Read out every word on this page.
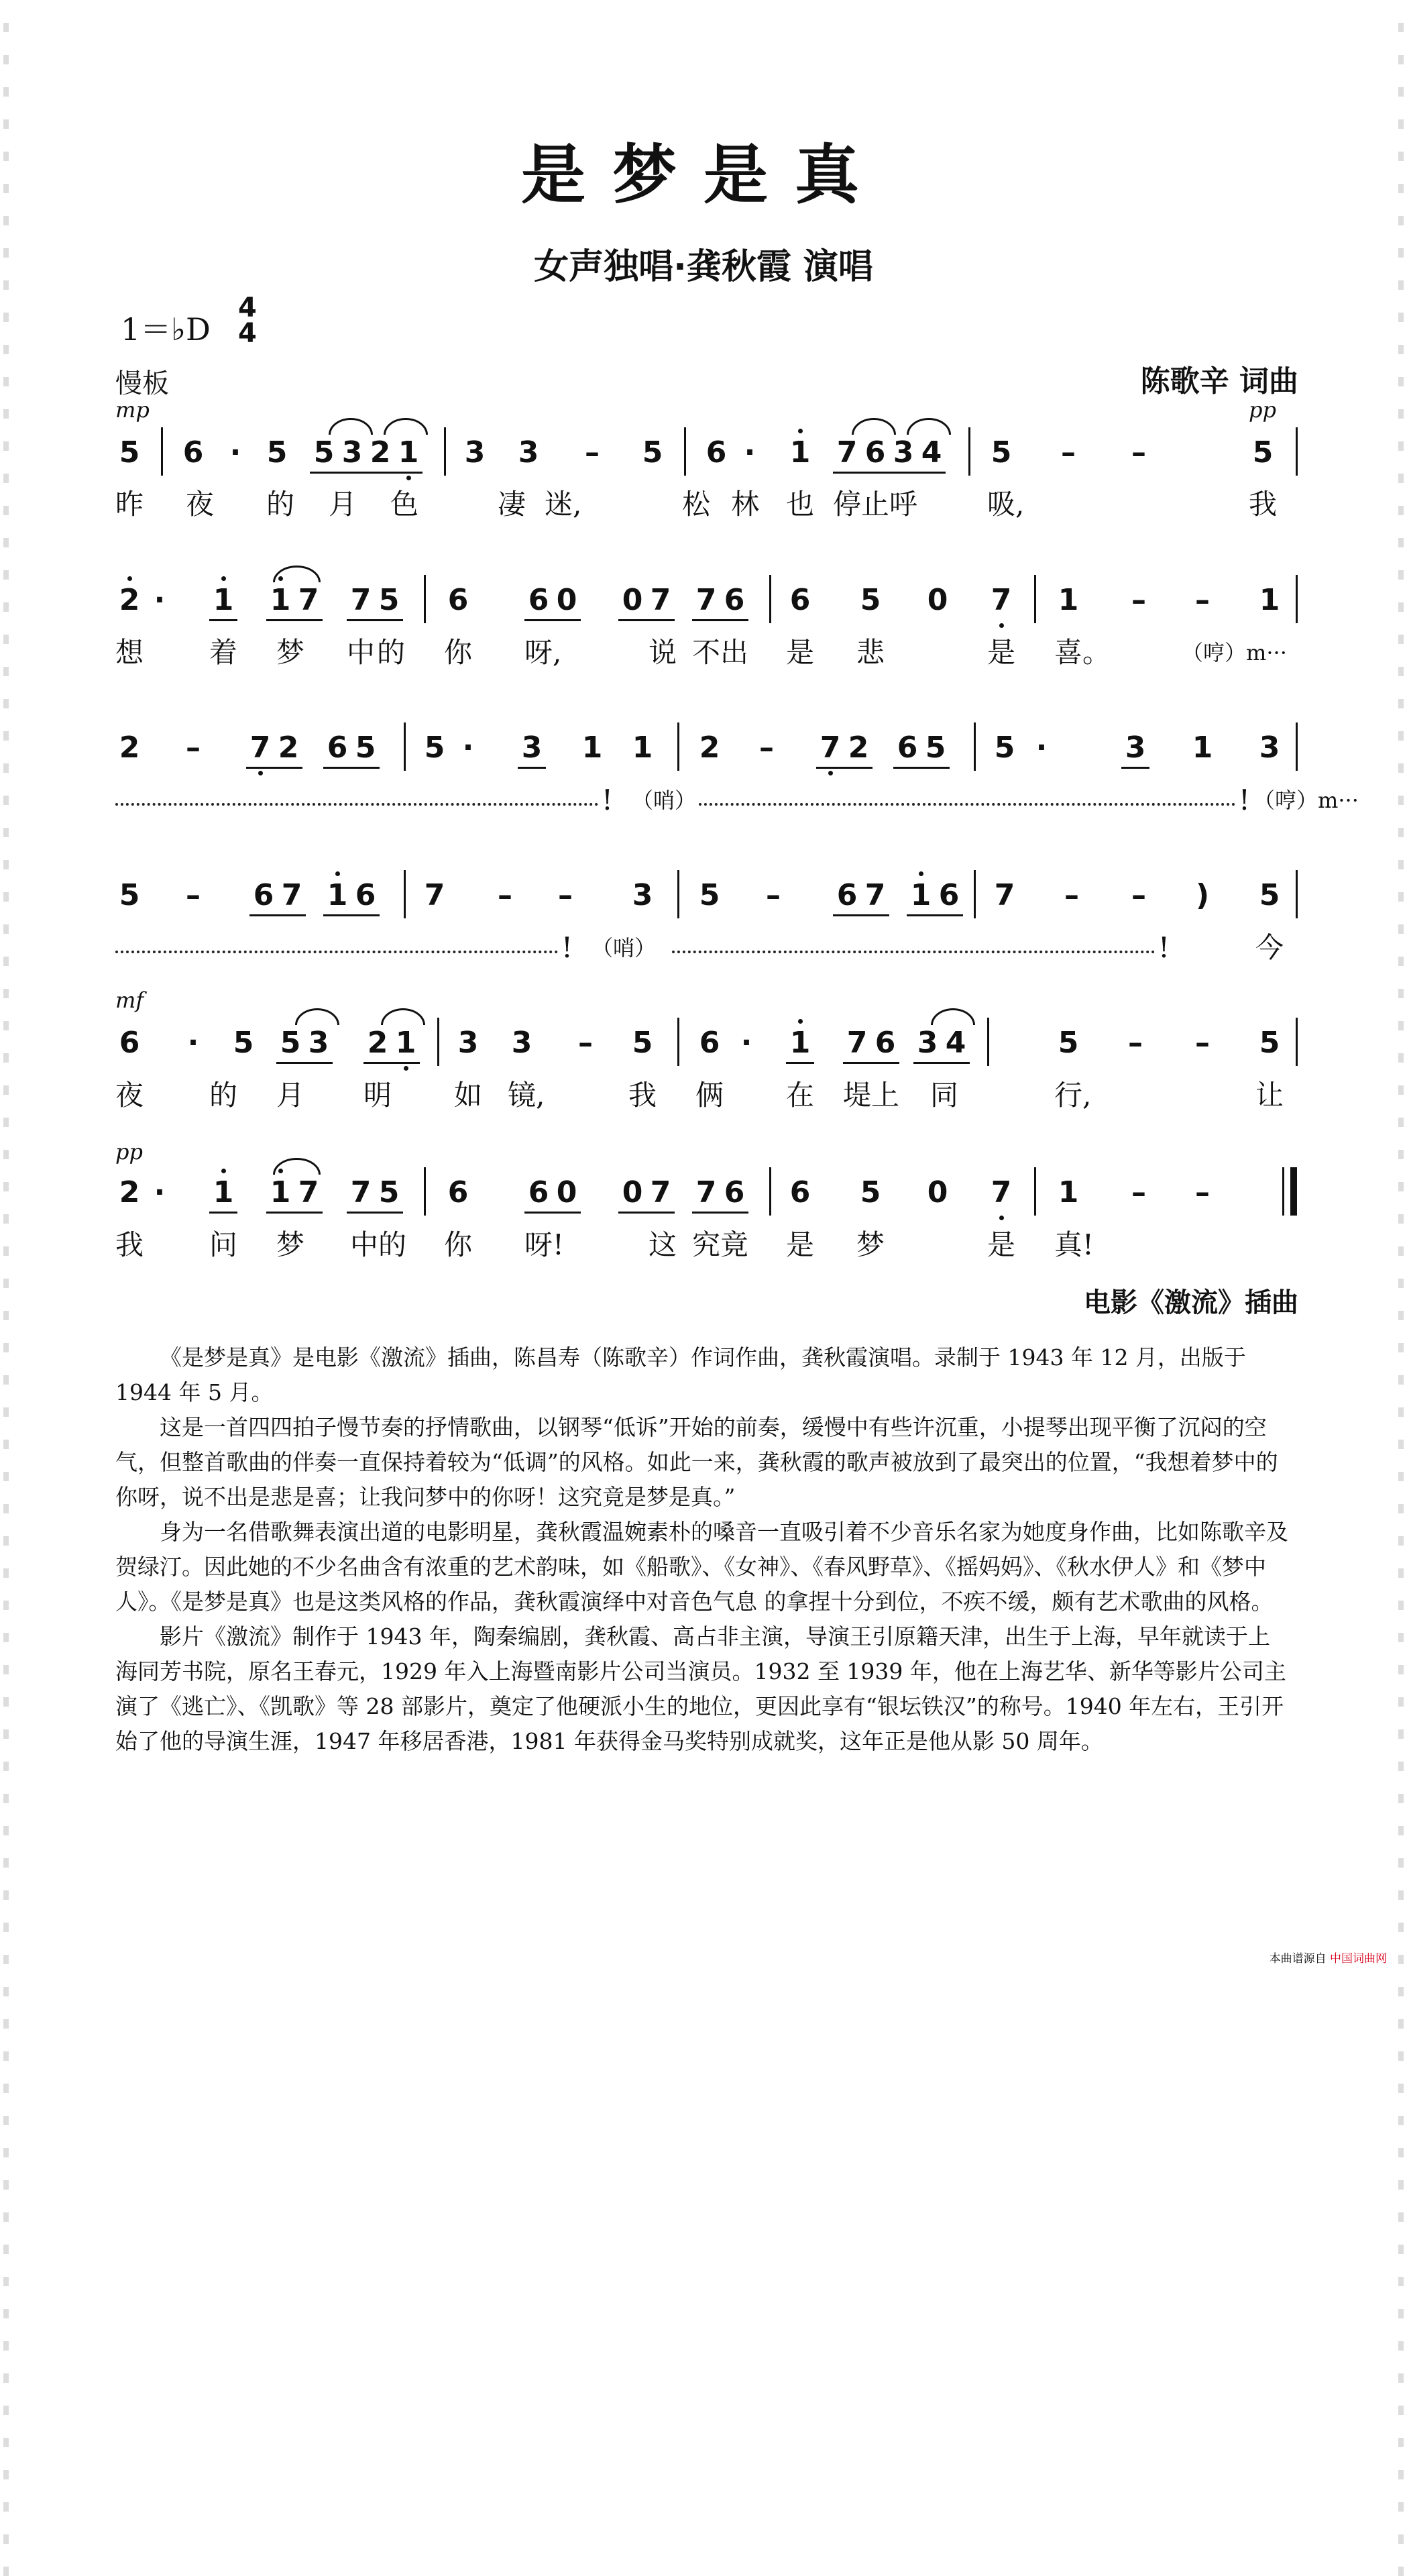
是梦是真
女声独唱·龚秋霞 演唱
1＝♭D
4
4
慢板	陈歌辛 词曲
mp	pp
mf
pp
5 6 · 5 5 3 2 1 3 3 – 5 6 · 1 7 6 3 4 5 – –	5
昨 夜 的 月 色	凄 迷,	松 林 也 停 止 呼 吸,	我
2 · 1 1 7 7 5 6 6 0 0 7 7 6 6 5 0 7 1 – – 1
想 着 梦 中 的 你 呀,	说 不 出 是 悲	是 喜。	（哼）m···
2 – 7 2 6 5 5 · 3 1 1 2 – 7 2 6 5 5 ·	3 1 3
! （哨）	! （哼）m···
5 – 6 7 1 6 7 – – 3 5 – 6 7 1 6 7 – – ) 5
! （哨）	!	今
6 · 5 5 3 2 1 3 3 – 5 6 · 1 7 6 3 4	5 – – 5
夜 的 月 明 如 镜,	我 俩 在 堤 上 同	行,	让
2 · 1 1 7 7 5 6 6 0 0 7 7 6 6 5 0 7 1 – –
我 问 梦 中 的 你 呀!	这 究 竟 是 梦	是 真!
电影《激流》插曲

《是梦是真》是电影《激流》插曲，陈昌寿（陈歌辛）作词作曲，龚秋霞演唱。录制于 1943 年 12 月，出版于 1944 年 5 月。

这是一首四四拍子慢节奏的抒情歌曲，以钢琴“低诉”开始的前奏，缓慢中有些许沉重，小提琴出现平衡了沉闷的空气，但整首歌曲的伴奏一直保持着较为“低调”的风格。如此一来，龚秋霞的歌声被放到了最突出的位置，“我想着梦中的你呀，说不出是悲是喜；让我问梦中的你呀！这究竟是梦是真。”

身为一名借歌舞表演出道的电影明星，龚秋霞温婉素朴的嗓音一直吸引着不少音乐名家为她度身作曲，比如陈歌辛及贺绿汀。因此她的不少名曲含有浓重的艺术韵味，如《船歌》、《女神》、《春风野草》、《摇妈妈》、《秋水伊人》和《梦中人》。《是梦是真》也是这类风格的作品，龚秋霞演绎中对音色气息 的拿捏十分到位，不疾不缓，颇有艺术歌曲的风格。

影片《激流》制作于 1943 年，陶秦编剧，龚秋霞、高占非主演，导演王引原籍天津，出生于上海，早年就读于上海同芳书院，原名王春元，1929 年入上海暨南影片公司当演员。1932 至 1939 年，他在上海艺华、新华等影片公司主演了《逃亡》、《凯歌》等 28 部影片，奠定了他硬派小生的地位，更因此享有“银坛铁汉”的称号。1940 年左右，王引开始了他的导演生涯，1947 年移居香港，1981 年获得金马奖特别成就奖，这年正是他从影 50 周年。

本曲谱源自 中国词曲网
